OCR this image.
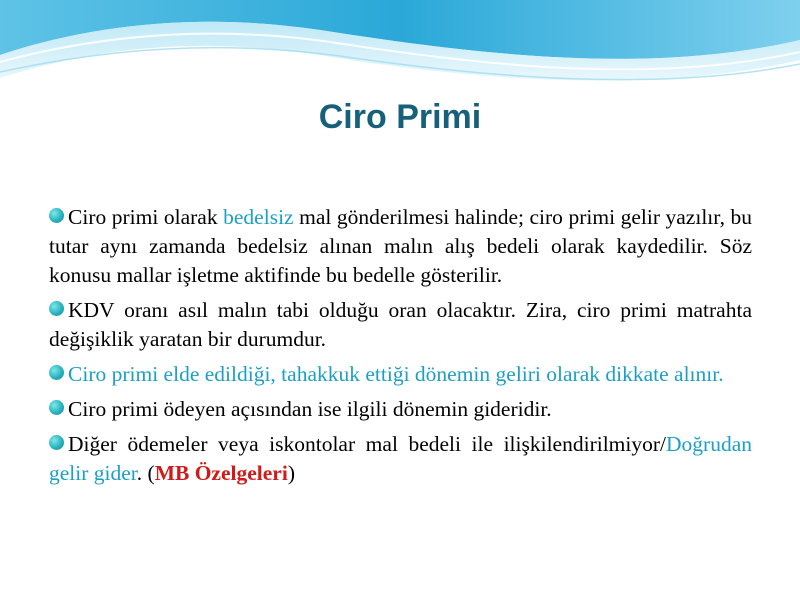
Ciro Primi
Ciro primi olarak bedelsiz mal gönderilmesi halinde; ciro primi gelir yazılır, bu tutar aynı zamanda bedelsiz alınan malın alış bedeli olarak kaydedilir. Söz konusu mallar işletme aktifinde bu bedelle gösterilir.
KDV oranı asıl malın tabi olduğu oran olacaktır. Zira, ciro primi matrahta değişiklik yaratan bir durumdur.
Ciro primi elde edildiği, tahakkuk ettiği dönemin geliri olarak dikkate alınır.
Ciro primi ödeyen açısından ise ilgili dönemin gideridir.
Diğer ödemeler veya iskontolar mal bedeli ile ilişkilendirilmiyor/Doğrudan gelir gider. (MB Özelgeleri)
